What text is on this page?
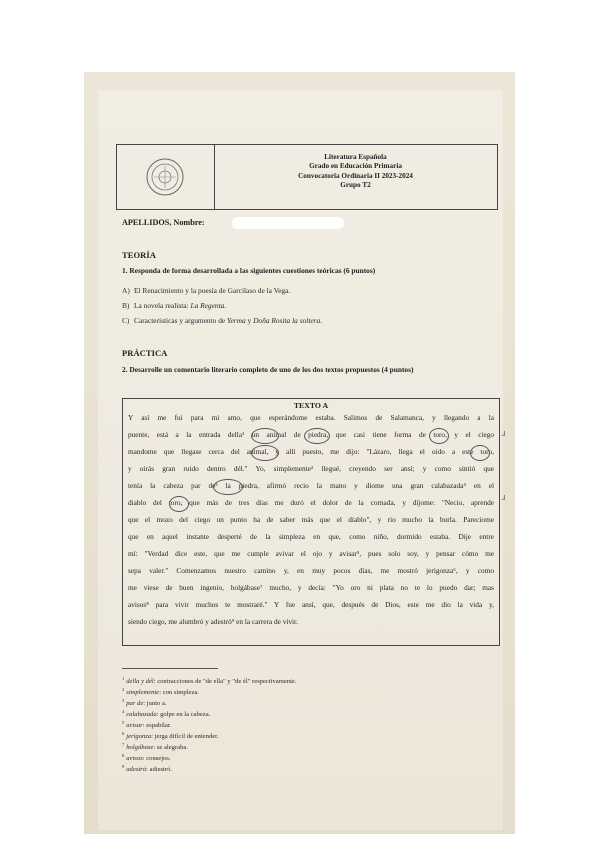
Literatura Española
Grado en Educación Primaria
Convocatoria Ordinaria II 2023-2024
Grupo T2
APELLIDOS, Nombre:
TEORÍA
1. Responda de forma desarrollada a las siguientes cuestiones teóricas (6 puntos)
A) El Renacimiento y la poesía de Garcilaso de la Vega.
B) La novela realista: La Regenta.
C) Características y argumento de Yerma y Doña Rosita la soltera.
PRÁCTICA
2. Desarrolle un comentario literario completo de uno de los dos textos propuestos (4 puntos)
TEXTO A
Y así me fui para mi amo, que esperándome estaba. Salimos de Salamanca, y llegando a la
puente, está a la entrada della¹ un animal de piedra, que casi tiene forma de toro, y el ciego
mandome que llegase cerca del animal, y allí puesto, me dijo: "Lázaro, llega el oído a este toro,
y oirás gran ruido dentro dél." Yo, simplemente² llegué, creyendo ser ansí; y como sintió que
tenía la cabeza par de³ la piedra, afirmó recio la mano y diome una gran calabazada⁴ en el
diablo del toro, que más de tres días me duró el dolor de la cornada, y díjome: "Necio, aprende
que el mozo del ciego un punto ha de saber más que el diablo", y rio mucho la burla. Pareciome
que en aquel instante desperté de la simpleza en que, como niño, dormido estaba. Dije entre
mí: "Verdad dice este, que me cumple avivar el ojo y avisar⁵, pues solo soy, y pensar cómo me
sepa valer." Comenzamos nuestro camino y, en muy pocos días, me mostró jerigonza⁶, y como
me viese de buen ingenio, holgábase⁷ mucho, y decía: "Yo oro ni plata no te lo puedo dar; mas
avisos⁸ para vivir muchos te mostraré." Y fue ansí, que, después de Dios, este me dio la vida y,
siendo ciego, me alumbró y adestró⁹ en la carrera de vivir.
ᒧ
ᒧ
$^1$ della y dél: contracciones de "de ella" y "de él" respectivamente.
$^2$ simplemente: con simpleza.
$^3$ par de: junto a.
$^4$ calabazada: golpe en la cabeza.
$^5$ avisar: espabilar.
$^6$ jerigonza: jerga difícil de entender.
$^7$ holgábase: se alegraba.
$^8$ avisos: consejos.
$^9$ adestró: adiestró.
